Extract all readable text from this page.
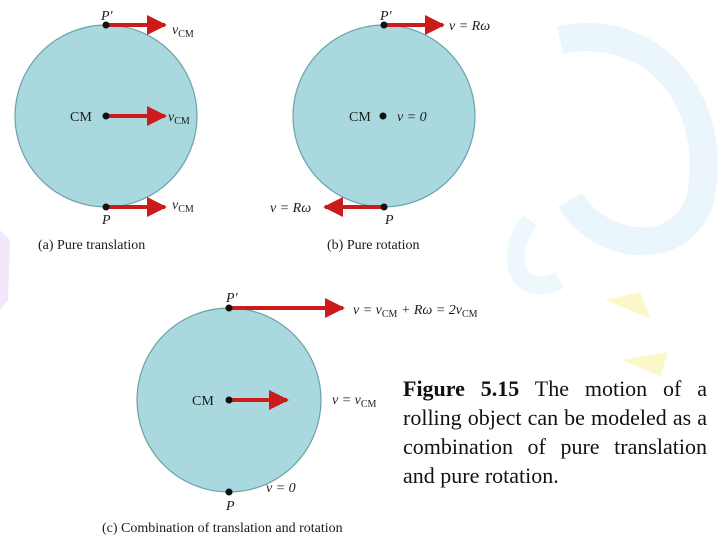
P′
CM
P
$v_{CM}$
$v_{CM}$
$v_{CM}$
(a) Pure translation
P′
CM
P
v = Rω
v = 0
v = Rω
(b) Pure rotation
P′
CM
P
$v = v_{CM} + R\omega = 2v_{CM}$
$v = v_{CM}$
v = 0
(c) Combination of translation and rotation
Figure 5.15 The motion of a rolling object can be modeled as a combination of pure translation and pure rotation.
